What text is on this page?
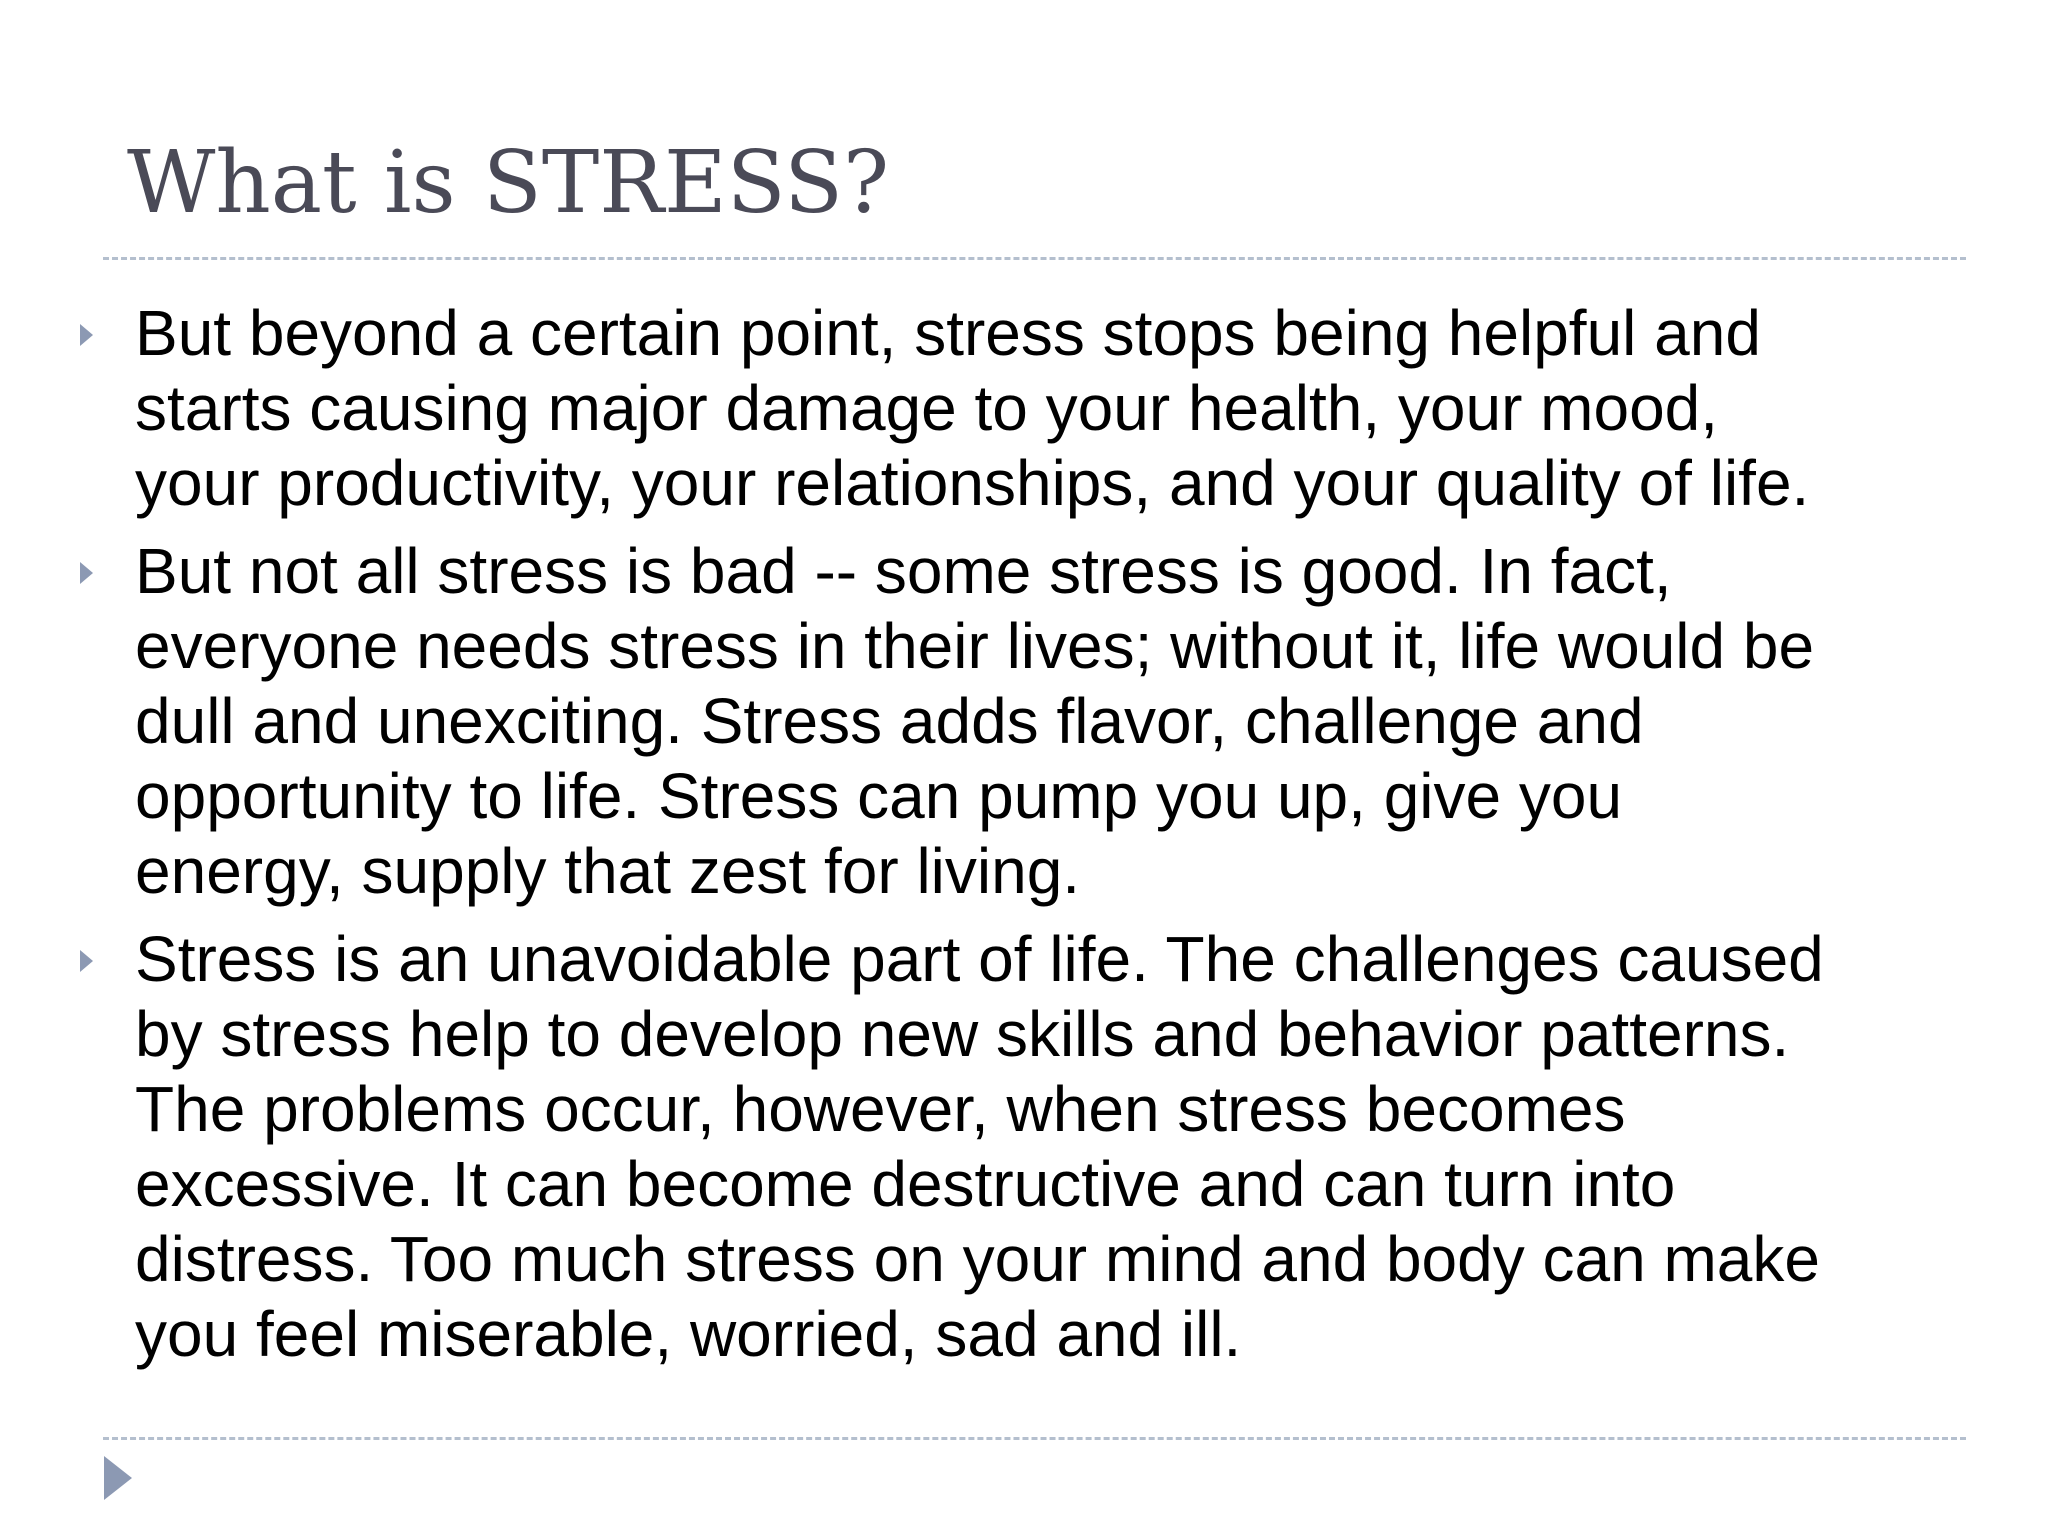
What is STRESS?
But beyond a certain point, stress stops being helpful and
starts causing major damage to your health, your mood,
your productivity, your relationships, and your quality of life.
But not all stress is bad -- some stress is good. In fact,
everyone needs stress in their lives; without it, life would be
dull and unexciting. Stress adds flavor, challenge and
opportunity to life. Stress can pump you up, give you
energy, supply that zest for living.
Stress is an unavoidable part of life. The challenges caused
by stress help to develop new skills and behavior patterns.
The problems occur, however, when stress becomes
excessive. It can become destructive and can turn into
distress. Too much stress on your mind and body can make
you feel miserable, worried, sad and ill.
